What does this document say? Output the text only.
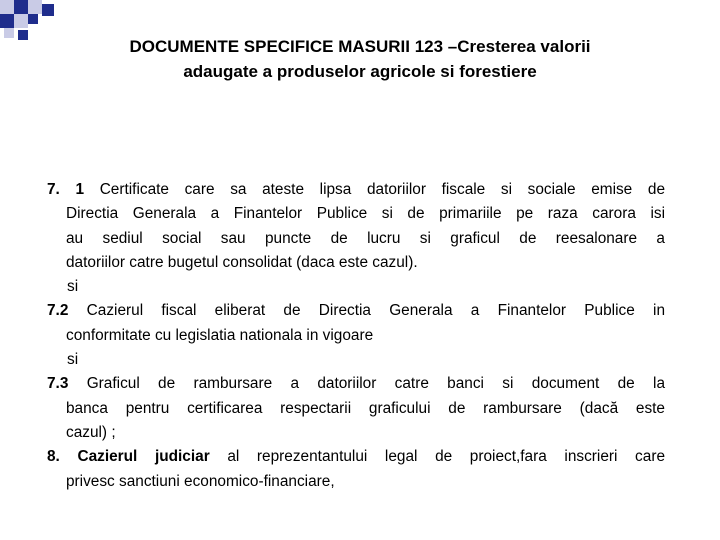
DOCUMENTE SPECIFICE MASURII 123 –Cresterea valorii
adaugate a produselor agricole si forestiere
7. 1 Certificate care sa ateste lipsa datoriilor fiscale si sociale emise de
Directia Generala a Finantelor Publice si de primariile pe raza carora isi
au sediul social sau puncte de lucru si graficul de reesalonare a
datoriilor catre bugetul consolidat (daca este cazul).
si
7.2 Cazierul fiscal eliberat de Directia Generala a Finantelor Publice in
conformitate cu legislatia nationala in vigoare
si
7.3 Graficul de rambursare a datoriilor catre banci si document de la
banca pentru certificarea respectarii graficului de rambursare (dacă este
cazul) ;
8. Cazierul judiciar al reprezentantului legal de proiect,fara inscrieri care
privesc sanctiuni economico-financiare,
